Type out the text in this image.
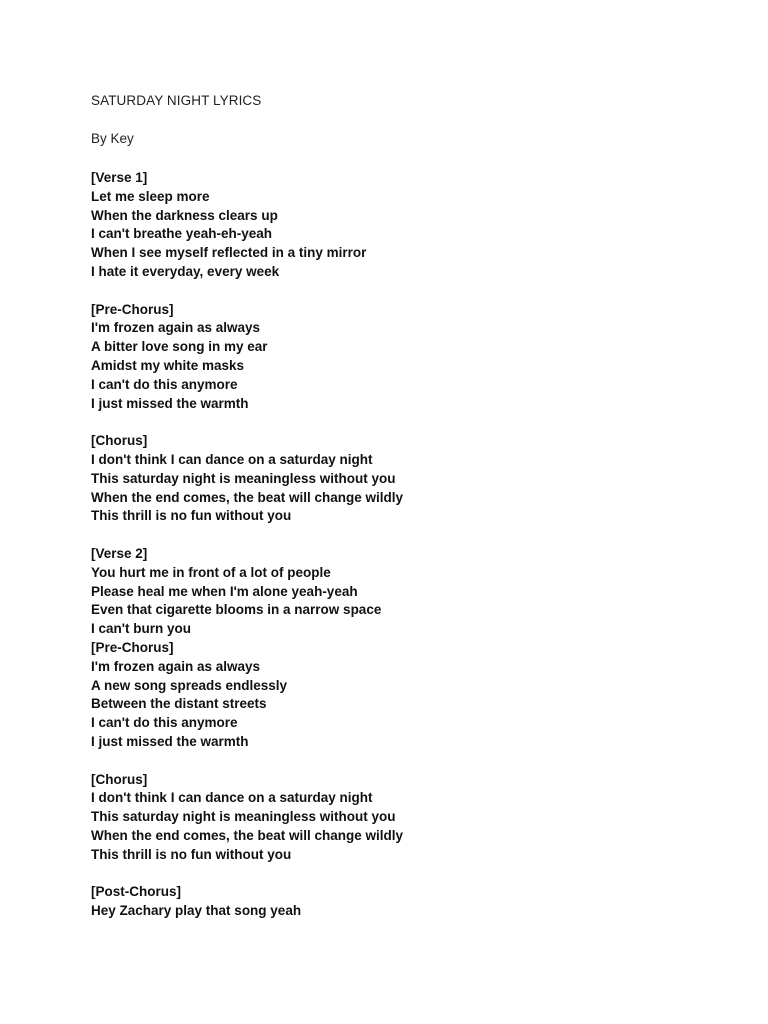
SATURDAY NIGHT LYRICS
By Key
[Verse 1]
Let me sleep more
When the darkness clears up
I can't breathe yeah-eh-yeah
When I see myself reflected in a tiny mirror
I hate it everyday, every week
[Pre-Chorus]
I'm frozen again as always
A bitter love song in my ear
Amidst my white masks
I can't do this anymore
I just missed the warmth
[Chorus]
I don't think I can dance on a saturday night
This saturday night is meaningless without you
When the end comes, the beat will change wildly
This thrill is no fun without you
[Verse 2]
You hurt me in front of a lot of people
Please heal me when I'm alone yeah-yeah
Even that cigarette blooms in a narrow space
I can't burn you
[Pre-Chorus]
I'm frozen again as always
A new song spreads endlessly
Between the distant streets
I can't do this anymore
I just missed the warmth
[Chorus]
I don't think I can dance on a saturday night
This saturday night is meaningless without you
When the end comes, the beat will change wildly
This thrill is no fun without you
[Post-Chorus]
Hey Zachary play that song yeah
